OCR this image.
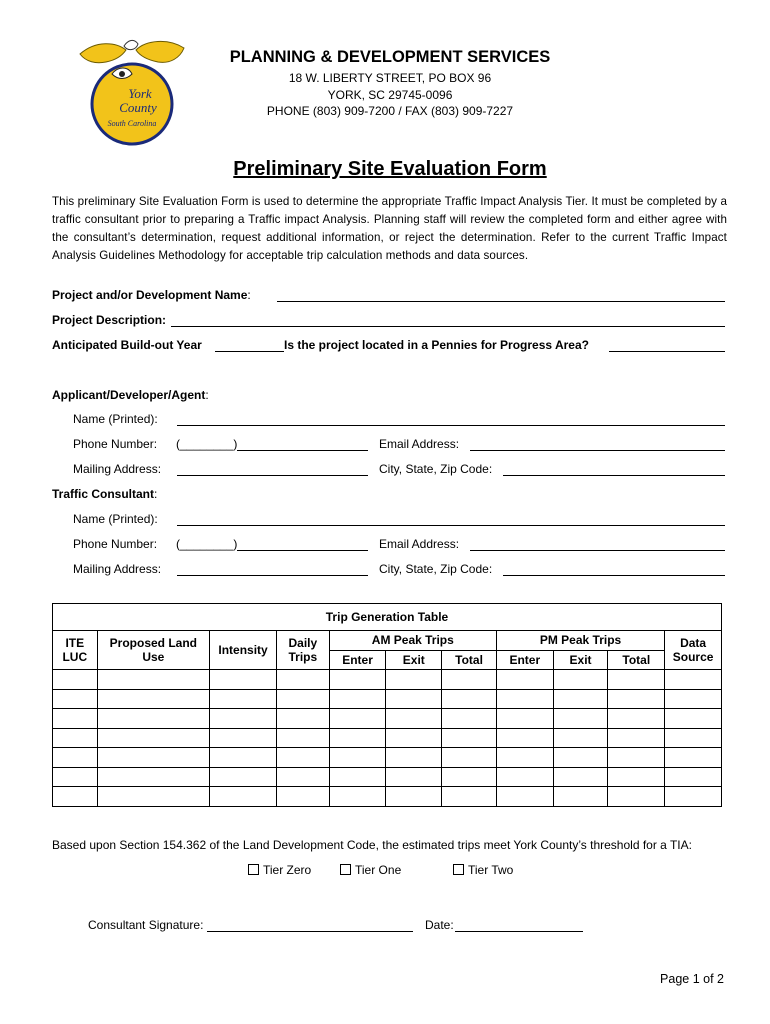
York
County
South Carolina
PLANNING & DEVELOPMENT SERVICES
18 W. LIBERTY STREET, PO BOX 96
YORK, SC 29745-0096
PHONE (803) 909-7200 / FAX (803) 909-7227
Preliminary Site Evaluation Form
This preliminary Site Evaluation Form is used to determine the appropriate Traffic Impact Analysis Tier. It must be completed by a traffic consultant prior to preparing a Traffic impact Analysis. Planning staff will review the completed form and either agree with the consultant’s determination, request additional information, or reject the determination. Refer to the current Traffic Impact Analysis Guidelines Methodology for acceptable trip calculation methods and data sources.
Project and/or Development Name:
Project Description:
Anticipated Build-out Year	Is the project located in a Pennies for Progress Area?
Applicant/Developer/Agent:
Name (Printed):
Phone Number: (________)	Email Address:
Mailing Address:	City, State, Zip Code:
Traffic Consultant:
Name (Printed):
Phone Number: (________)	Email Address:
Mailing Address:	City, State, Zip Code:
Trip Generation Table										
ITE LUC	Proposed Land Use	Intensity	Daily Trips	AM Peak Trips			PM Peak Trips			Data Source
				Enter	Exit	Total	Enter	Exit	Total	

Based upon Section 154.362 of the Land Development Code, the estimated trips meet York County’s threshold for a TIA:
Tier Zero	Tier One	Tier Two
Consultant Signature:	Date:
Page 1 of 2
